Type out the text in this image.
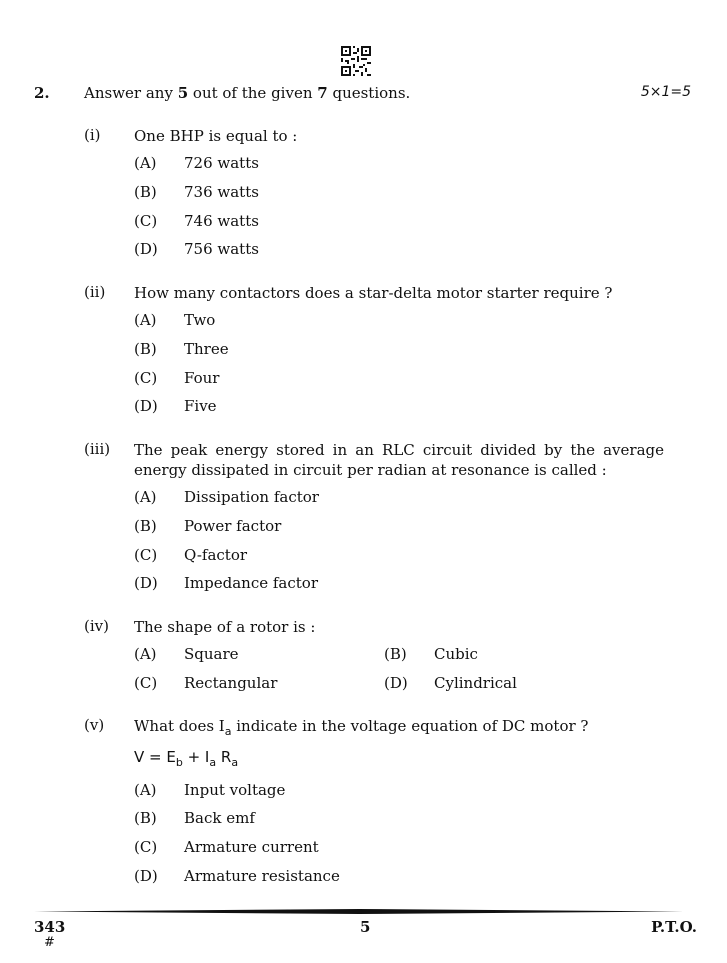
2. Answer any 5 out of the given 7 questions.	5×1=5
(i) One BHP is equal to :
(A) 726 watts
(B) 736 watts
(C) 746 watts
(D) 756 watts
(ii) How many contactors does a star-delta motor starter require ?
(A) Two
(B) Three
(C) Four
(D) Five
(iii) The peak energy stored in an RLC circuit divided by the average energy dissipated in circuit per radian at resonance is called :
(A) Dissipation factor
(B) Power factor
(C) Q-factor
(D) Impedance factor
(iv) The shape of a rotor is :
(A) Square	(B) Cubic
(C) Rectangular	(D) Cylindrical
(v) What does $I_a$ indicate in the voltage equation of DC motor ?
$V = E_b + I_a$ $R_a$
(A) Input voltage
(B) Back emf
(C) Armature current
(D) Armature resistance
343
#
5	P.T.O.
